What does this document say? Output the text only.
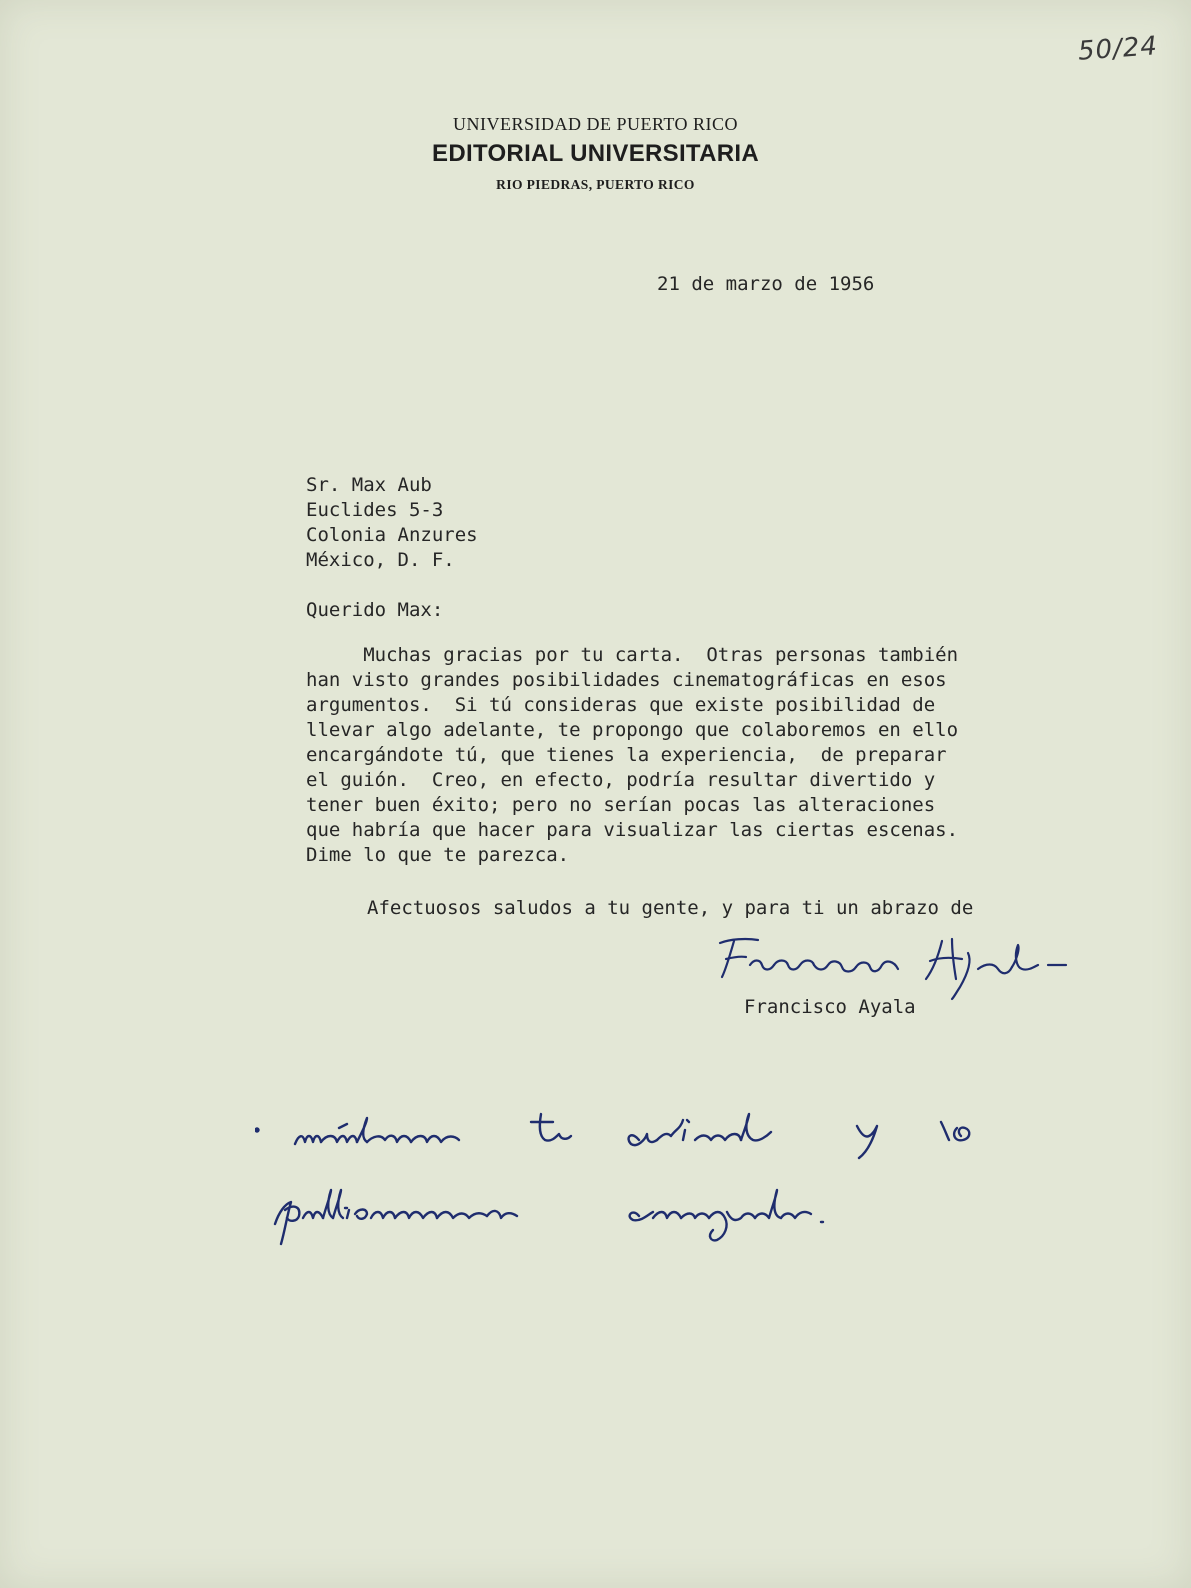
50/24
UNIVERSIDAD DE PUERTO RICO
EDITORIAL UNIVERSITARIA
RIO PIEDRAS, PUERTO RICO
21 de marzo de 1956
Sr. Max Aub
Euclides 5-3
Colonia Anzures
México, D. F.
Querido Max:
Muchas gracias por tu carta.  Otras personas también
han visto grandes posibilidades cinematográficas en esos
argumentos.  Si tú consideras que existe posibilidad de
llevar algo adelante, te propongo que colaboremos en ello
encargándote tú, que tienes la experiencia,  de preparar
el guión.  Creo, en efecto, podría resultar divertido y
tener buen éxito; pero no serían pocas las alteraciones
que habría que hacer para visualizar las ciertas escenas.
Dime lo que te parezca.
Afectuosos saludos a tu gente, y para ti un abrazo de
Francisco Ayala
